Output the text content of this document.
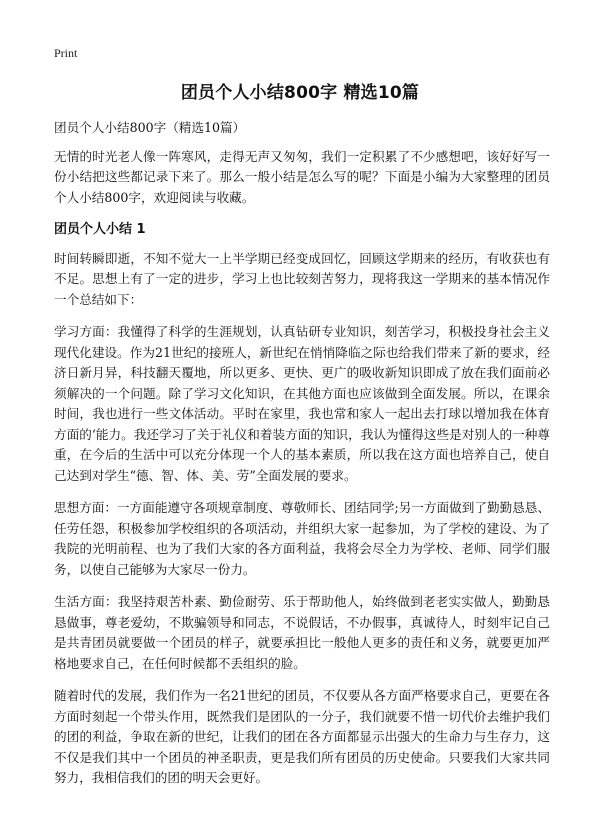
Print
团员个人小结800字 精选10篇

团员个人小结800字（精选10篇）

无情的时光老人像一阵寒风，走得无声又匆匆，我们一定积累了不少感想吧，该好好写一份小结把这些都记录下来了。那么一般小结是怎么写的呢？下面是小编为大家整理的团员个人小结800字，欢迎阅读与收藏。

团员个人小结 1

时间转瞬即逝，不知不觉大一上半学期已经变成回忆，回顾这学期来的经历，有收获也有不足。思想上有了一定的进步，学习上也比较刻苦努力，现将我这一学期来的基本情况作一个总结如下：

学习方面：我懂得了科学的生涯规划，认真钻研专业知识，刻苦学习，积极投身社会主义现代化建设。作为21世纪的接班人，新世纪在悄悄降临之际也给我们带来了新的要求，经济日新月异，科技翻天覆地，所以更多、更快、更广的吸收新知识即成了放在我们面前必须解决的一个问题。除了学习文化知识，在其他方面也应该做到全面发展。所以，在课余时间，我也进行一些文体活动。平时在家里，我也常和家人一起出去打球以增加我在体育方面的‘能力。我还学习了关于礼仪和着装方面的知识，我认为懂得这些是对别人的一种尊重，在今后的生活中可以充分体现一个人的基本素质，所以我在这方面也培养自己，使自己达到对学生“德、智、体、美、劳”全面发展的要求。

思想方面：一方面能遵守各项规章制度、尊敬师长、团结同学;另一方面做到了勤勤恳恳、任劳任怨，积极参加学校组织的各项活动，并组织大家一起参加，为了学校的建设、为了我院的光明前程、也为了我们大家的各方面利益，我将会尽全力为学校、老师、同学们服务，以使自己能够为大家尽一份力。

生活方面：我坚持艰苦朴素、勤俭耐劳、乐于帮助他人，始终做到老老实实做人，勤勤恳恳做事，尊老爱幼，不欺骗领导和同志，不说假话，不办假事，真诚待人，时刻牢记自己是共青团员就要做一个团员的样子，就要承担比一般他人更多的责任和义务，就要更加严格地要求自己，在任何时候都不丢组织的脸。

随着时代的发展，我们作为一名21世纪的团员，不仅要从各方面严格要求自己，更要在各方面时刻起一个带头作用，既然我们是团队的一分子，我们就要不惜一切代价去维护我们的团的利益，争取在新的世纪，让我们的团在各方面都显示出强大的生命力与生存力，这不仅是我们其中一个团员的神圣职责，更是我们所有团员的历史使命。只要我们大家共同努力，我相信我们的团的明天会更好。
